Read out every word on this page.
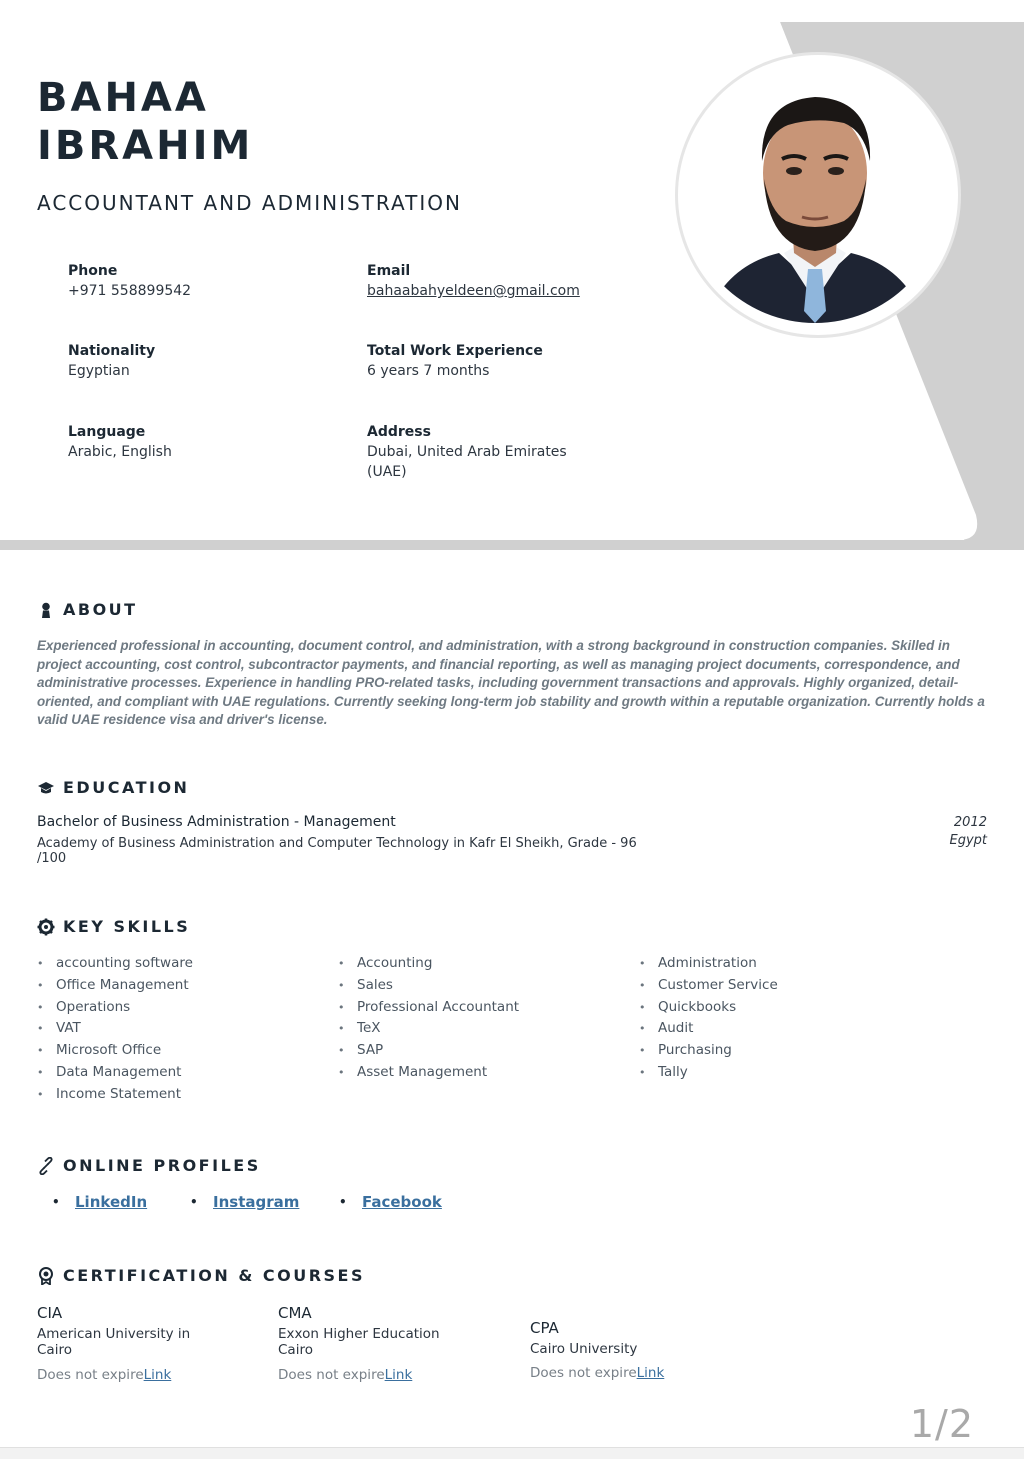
BAHAA
IBRAHIM
ACCOUNTANT AND ADMINISTRATION
Phone
+971 558899542
Email
bahaabahyeldeen@gmail.com
Nationality
Egyptian
Total Work Experience
6 years 7 months
Language
Arabic, English
Address
Dubai, United Arab Emirates
(UAE)
ABOUT
Experienced professional in accounting, document control, and administration, with a strong background in construction companies. Skilled in project accounting, cost control, subcontractor payments, and financial reporting, as well as managing project documents, correspondence, and administrative processes. Experience in handling PRO-related tasks, including government transactions and approvals. Highly organized, detail-oriented, and compliant with UAE regulations. Currently seeking long-term job stability and growth within a reputable organization. Currently holds a valid UAE residence visa and driver's license.
EDUCATION
Bachelor of Business Administration - Management
Academy of Business Administration and Computer Technology in Kafr El Sheikh, Grade - 96 /100
2012
Egypt
KEY SKILLS
• accounting software
• Office Management
• Operations
• VAT
• Microsoft Office
• Data Management
• Income Statement
• Accounting
• Sales
• Professional Accountant
• TeX
• SAP
• Asset Management
• Administration
• Customer Service
• Quickbooks
• Audit
• Purchasing
• Tally
ONLINE PROFILES
• LinkedIn	• Instagram	• Facebook
CERTIFICATION & COURSES
CIA
American University in Cairo
Does not expireLink
CMA
Exxon Higher Education Cairo
Does not expireLink
CPA
Cairo University
Does not expireLink
1/2
